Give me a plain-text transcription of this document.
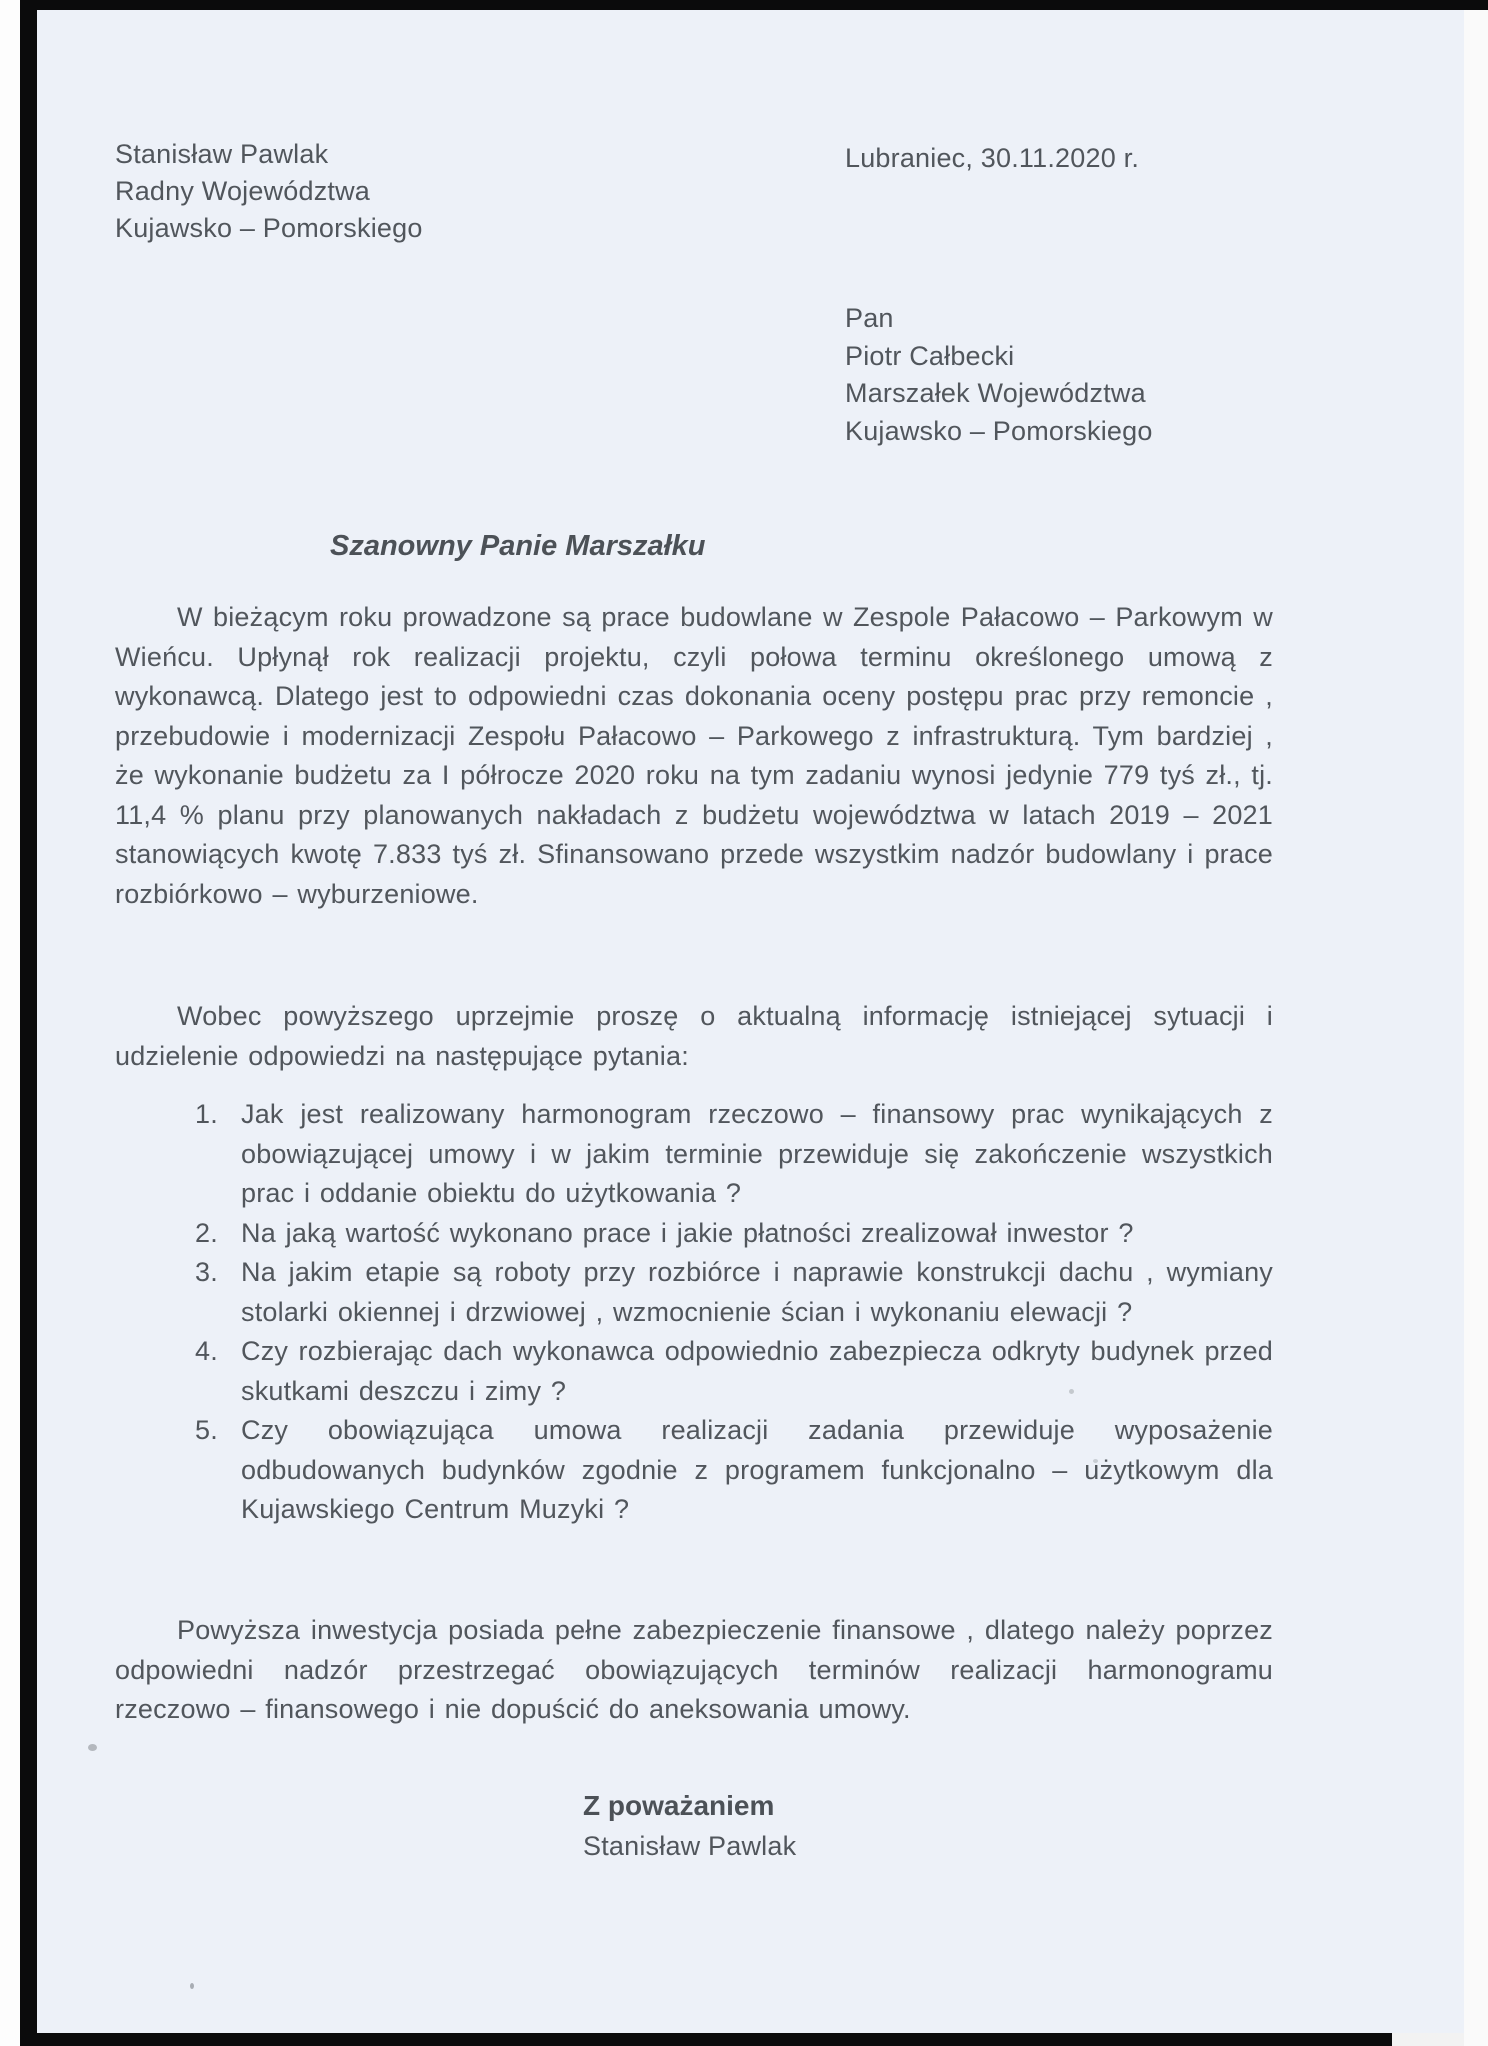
Stanisław Pawlak
Radny Województwa
Kujawsko – Pomorskiego
Lubraniec, 30.11.2020 r.
Pan
Piotr Całbecki
Marszałek Województwa
Kujawsko – Pomorskiego
Szanowny Panie Marszałku

W bieżącym roku prowadzone są prace budowlane w Zespole Pałacowo – Parkowym w Wieńcu. Upłynął rok realizacji projektu, czyli połowa terminu określonego umową z wykonawcą. Dlatego jest to odpowiedni czas dokonania oceny postępu prac przy remoncie , przebudowie i modernizacji Zespołu Pałacowo – Parkowego z infrastrukturą. Tym bardziej , że wykonanie budżetu za I półrocze 2020 roku na tym zadaniu wynosi jedynie 779 tyś zł., tj. 11,4 % planu przy planowanych nakładach z budżetu województwa w latach 2019 – 2021 stanowiących kwotę 7.833 tyś zł. Sfinansowano przede wszystkim nadzór budowlany i prace rozbiórkowo – wyburzeniowe.

Wobec powyższego uprzejmie proszę o aktualną informację istniejącej sytuacji i udzielenie odpowiedzi na następujące pytania:

1. Jak jest realizowany harmonogram rzeczowo – finansowy prac wynikających z obowiązującej umowy i w jakim terminie przewiduje się zakończenie wszystkich prac i oddanie obiektu do użytkowania ?

2. Na jaką wartość wykonano prace i jakie płatności zrealizował inwestor ?

3. Na jakim etapie są roboty przy rozbiórce i naprawie konstrukcji dachu , wymiany stolarki okiennej i drzwiowej , wzmocnienie ścian i wykonaniu elewacji ?

4. Czy rozbierając dach wykonawca odpowiednio zabezpiecza odkryty budynek przed skutkami deszczu i zimy ?

5. Czy obowiązująca umowa realizacji zadania przewiduje wyposażenie odbudowanych budynków zgodnie z programem funkcjonalno – użytkowym dla Kujawskiego Centrum Muzyki ?

Powyższa inwestycja posiada pełne zabezpieczenie finansowe , dlatego należy poprzez odpowiedni nadzór przestrzegać obowiązujących terminów realizacji harmonogramu rzeczowo – finansowego i nie dopuścić do aneksowania umowy.

Z poważaniem
Stanisław Pawlak
